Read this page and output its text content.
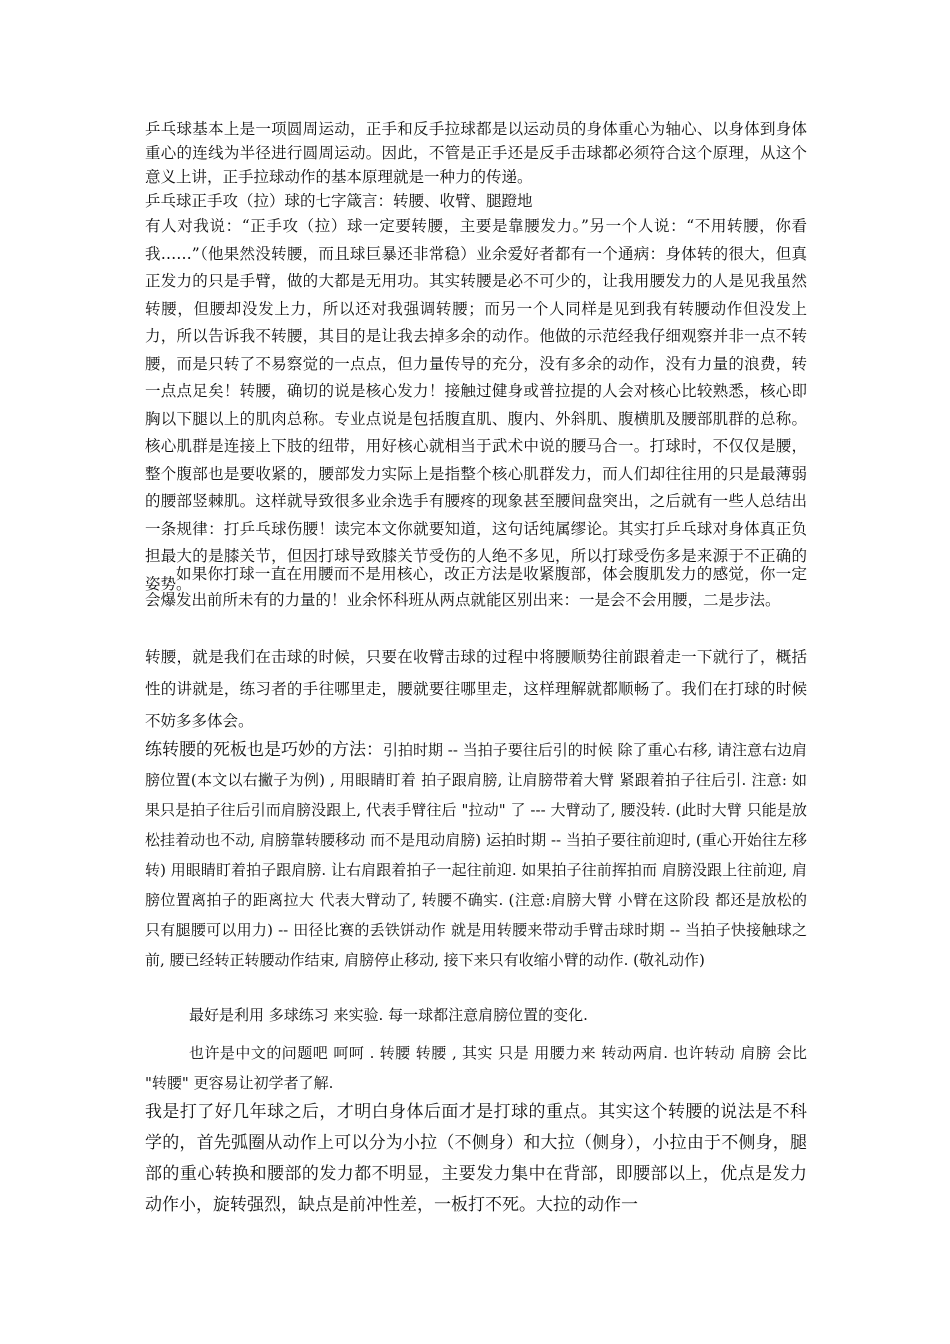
乒乓球基本上是一项圆周运动，正手和反手拉球都是以运动员的身体重心为轴心、以身体到身体重心的连线为半径进行圆周运动。因此，不管是正手还是反手击球都必须符合这个原理，从这个意义上讲，正手拉球动作的基本原理就是一种力的传递。

乒乓球正手攻（拉）球的七字箴言：转腰、收臂、腿蹬地

有人对我说：“正手攻（拉）球一定要转腰，主要是靠腰发力。”另一个人说：“不用转腰，你看我……”（他果然没转腰，而且球巨暴还非常稳）业余爱好者都有一个通病：身体转的很大，但真正发力的只是手臂，做的大都是无用功。其实转腰是必不可少的，让我用腰发力的人是见我虽然转腰，但腰却没发上力，所以还对我强调转腰；而另一个人同样是见到我有转腰动作但没发上力，所以告诉我不转腰，其目的是让我去掉多余的动作。他做的示范经我仔细观察并非一点不转腰，而是只转了不易察觉的一点点，但力量传导的充分，没有多余的动作，没有力量的浪费，转一点点足矣！转腰，确切的说是核心发力！接触过健身或普拉提的人会对核心比较熟悉，核心即胸以下腿以上的肌肉总称。专业点说是包括腹直肌、腹内、外斜肌、腹横肌及腰部肌群的总称。核心肌群是连接上下肢的纽带，用好核心就相当于武术中说的腰马合一。打球时，不仅仅是腰，整个腹部也是要收紧的，腰部发力实际上是指整个核心肌群发力，而人们却往往用的只是最薄弱的腰部竖棘肌。这样就导致很多业余选手有腰疼的现象甚至腰间盘突出，之后就有一些人总结出一条规律：打乒乓球伤腰！读完本文你就要知道，这句话纯属缪论。其实打乒乓球对身体真正负担最大的是膝关节，但因打球导致膝关节受伤的人绝不多见，所以打球受伤多是来源于不正确的姿势。

如果你打球一直在用腰而不是用核心，改正方法是收紧腹部，体会腹肌发力的感觉，你一定会爆发出前所未有的力量的！业余怀科班从两点就能区别出来：一是会不会用腰，二是步法。

转腰，就是我们在击球的时候，只要在收臂击球的过程中将腰顺势往前跟着走一下就行了，概括性的讲就是，练习者的手往哪里走，腰就要往哪里走，这样理解就都顺畅了。我们在打球的时候不妨多多体会。

练转腰的死板也是巧妙的方法：引拍时期 -- 当拍子要往后引的时候 除了重心右移, 请注意右边肩膀位置(本文以右撇子为例) , 用眼睛盯着 拍子跟肩膀, 让肩膀带着大臂 紧跟着拍子往后引. 注意: 如果只是拍子往后引而肩膀没跟上, 代表手臂往后 "拉动" 了 --- 大臂动了, 腰没转. (此时大臂 只能是放松挂着动也不动, 肩膀靠转腰移动 而不是甩动肩膀) 运拍时期 -- 当拍子要往前迎时, (重心开始往左移转) 用眼睛盯着拍子跟肩膀. 让右肩跟着拍子一起往前迎. 如果拍子往前挥拍而 肩膀没跟上往前迎, 肩膀位置离拍子的距离拉大 代表大臂动了, 转腰不确实. (注意:肩膀大臂 小臂在这阶段 都还是放松的 只有腿腰可以用力) -- 田径比赛的丢铁饼动作 就是用转腰来带动手臂击球时期 -- 当拍子快接触球之前, 腰已经转正转腰动作结束, 肩膀停止移动, 接下来只有收缩小臂的动作. (敬礼动作)

最好是利用 多球练习 来实验. 每一球都注意肩膀位置的变化.

也许是中文的问题吧 呵呵 . 转腰 转腰 , 其实 只是 用腰力来 转动两肩. 也许转动 肩膀 会比 "转腰" 更容易让初学者了解.

我是打了好几年球之后，才明白身体后面才是打球的重点。其实这个转腰的说法是不科学的，首先弧圈从动作上可以分为小拉（不侧身）和大拉（侧身），小拉由于不侧身，腿部的重心转换和腰部的发力都不明显，主要发力集中在背部，即腰部以上，优点是发力动作小，旋转强烈，缺点是前冲性差，一板打不死。大拉的动作一
